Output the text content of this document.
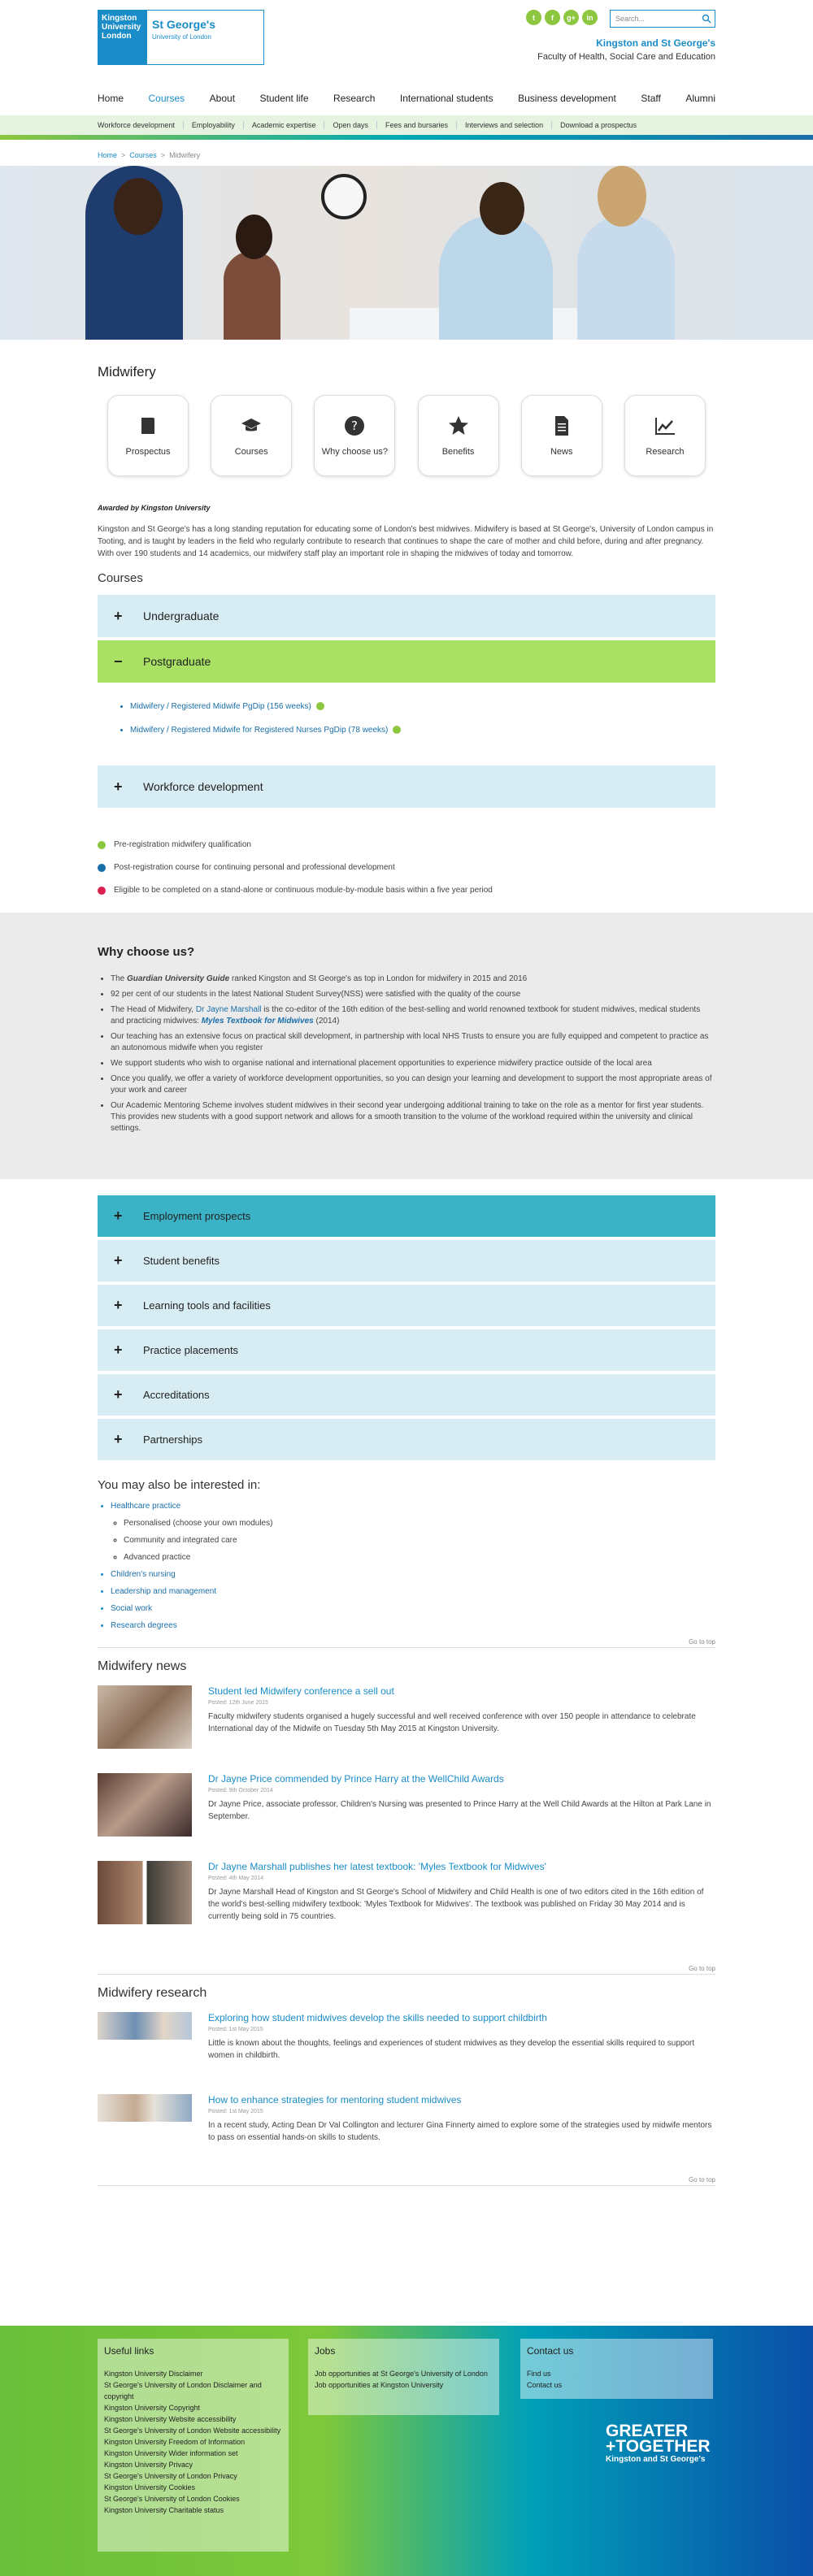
Kingston University London
St George's
University of London
t	f	g+	in	Search...
Kingston and St George's
Faculty of Health, Social Care and Education
Home	Courses	About	Student life	Research	International students	Business development	Staff	Alumni
Workforce development	Employability	Academic expertise	Open days	Fees and bursaries	Interviews and selection	Download a prospectus
Home  >  Courses  >  Midwifery
Midwifery
Prospectus	Courses
?
Why choose us?	Benefits	News	Research
Awarded by Kingston University

Kingston and St George's has a long standing reputation for educating some of London's best midwives. Midwifery is based at St George's, University of London campus in Tooting, and is taught by leaders in the field who regularly contribute to research that continues to shape the care of mother and child before, during and after pregnancy. With over 190 students and 14 academics, our midwifery staff play an important role in shaping the midwives of today and tomorrow.

Courses
+ Undergraduate
− Postgraduate
• Midwifery / Registered Midwife PgDip (156 weeks)
• Midwifery / Registered Midwife for Registered Nurses PgDip (78 weeks)
+ Workforce development
Pre-registration midwifery qualification
Post-registration course for continuing personal and professional development
Eligible to be completed on a stand-alone or continuous module-by-module basis within a five year period
Why choose us?
• The Guardian University Guide ranked Kingston and St George's as top in London for midwifery in 2015 and 2016
• 92 per cent of our students in the latest National Student Survey(NSS) were satisfied with the quality of the course
• The Head of Midwifery, Dr Jayne Marshall is the co-editor of the 16th edition of the best-selling and world renowned textbook for student midwives, medical students and practicing midwives: Myles Textbook for Midwives (2014)
• Our teaching has an extensive focus on practical skill development, in partnership with local NHS Trusts to ensure you are fully equipped and competent to practice as an autonomous midwife when you register
• We support students who wish to organise national and international placement opportunities to experience midwifery practice outside of the local area
• Once you qualify, we offer a variety of workforce development opportunities, so you can design your learning and development to support the most appropriate areas of your work and career
• Our Academic Mentoring Scheme involves student midwives in their second year undergoing additional training to take on the role as a mentor for first year students. This provides new students with a good support network and allows for a smooth transition to the volume of the workload required within the university and clinical settings.
+ Employment prospects
+ Student benefits
+ Learning tools and facilities
+ Practice placements
+ Accreditations
+ Partnerships
You may also be interested in:
• Healthcare practice
◦ Personalised (choose your own modules)
◦ Community and integrated care
◦ Advanced practice
• Children's nursing
• Leadership and management
• Social work
• Research degrees
Go to top
Midwifery news
Student led Midwifery conference a sell out
Posted: 12th June 2015

Faculty midwifery students organised a hugely successful and well received conference with over 150 people in attendance to celebrate International day of the Midwife on Tuesday 5th May 2015 at Kingston University.

Dr Jayne Price commended by Prince Harry at the WellChild Awards
Posted: 9th October 2014

Dr Jayne Price, associate professor, Children's Nursing was presented to Prince Harry at the Well Child Awards at the Hilton at Park Lane in September.

Dr Jayne Marshall publishes her latest textbook: 'Myles Textbook for Midwives'
Posted: 4th May 2014

Dr Jayne Marshall Head of Kingston and St George's School of Midwifery and Child Health is one of two editors cited in the 16th edition of the world's best-selling midwifery textbook: 'Myles Textbook for Midwives'. The textbook was published on Friday 30 May 2014 and is currently being sold in 75 countries.

Go to top
Midwifery research
Exploring how student midwives develop the skills needed to support childbirth
Posted: 1st May 2015

Little is known about the thoughts, feelings and experiences of student midwives as they develop the essential skills required to support women in childbirth.

How to enhance strategies for mentoring student midwives
Posted: 1st May 2015

In a recent study, Acting Dean Dr Val Collington and lecturer Gina Finnerty aimed to explore some of the strategies used by midwife mentors to pass on essential hands-on skills to students.

Go to top
Useful links
Kingston University Disclaimer
St George's University of London Disclaimer and copyright
Kingston University Copyright
Kingston University Website accessibility
St George's University of London Website accessibility
Kingston University Freedom of Information
Kingston University Wider information set
Kingston University Privacy
St George's University of London Privacy
Kingston University Cookies
St George's University of London Cookies
Kingston University Charitable status
Jobs
Job opportunities at St George's University of London
Job opportunities at Kingston University
Contact us
Find us
Contact us
GREATER
+TOGETHER
Kingston and St George's
